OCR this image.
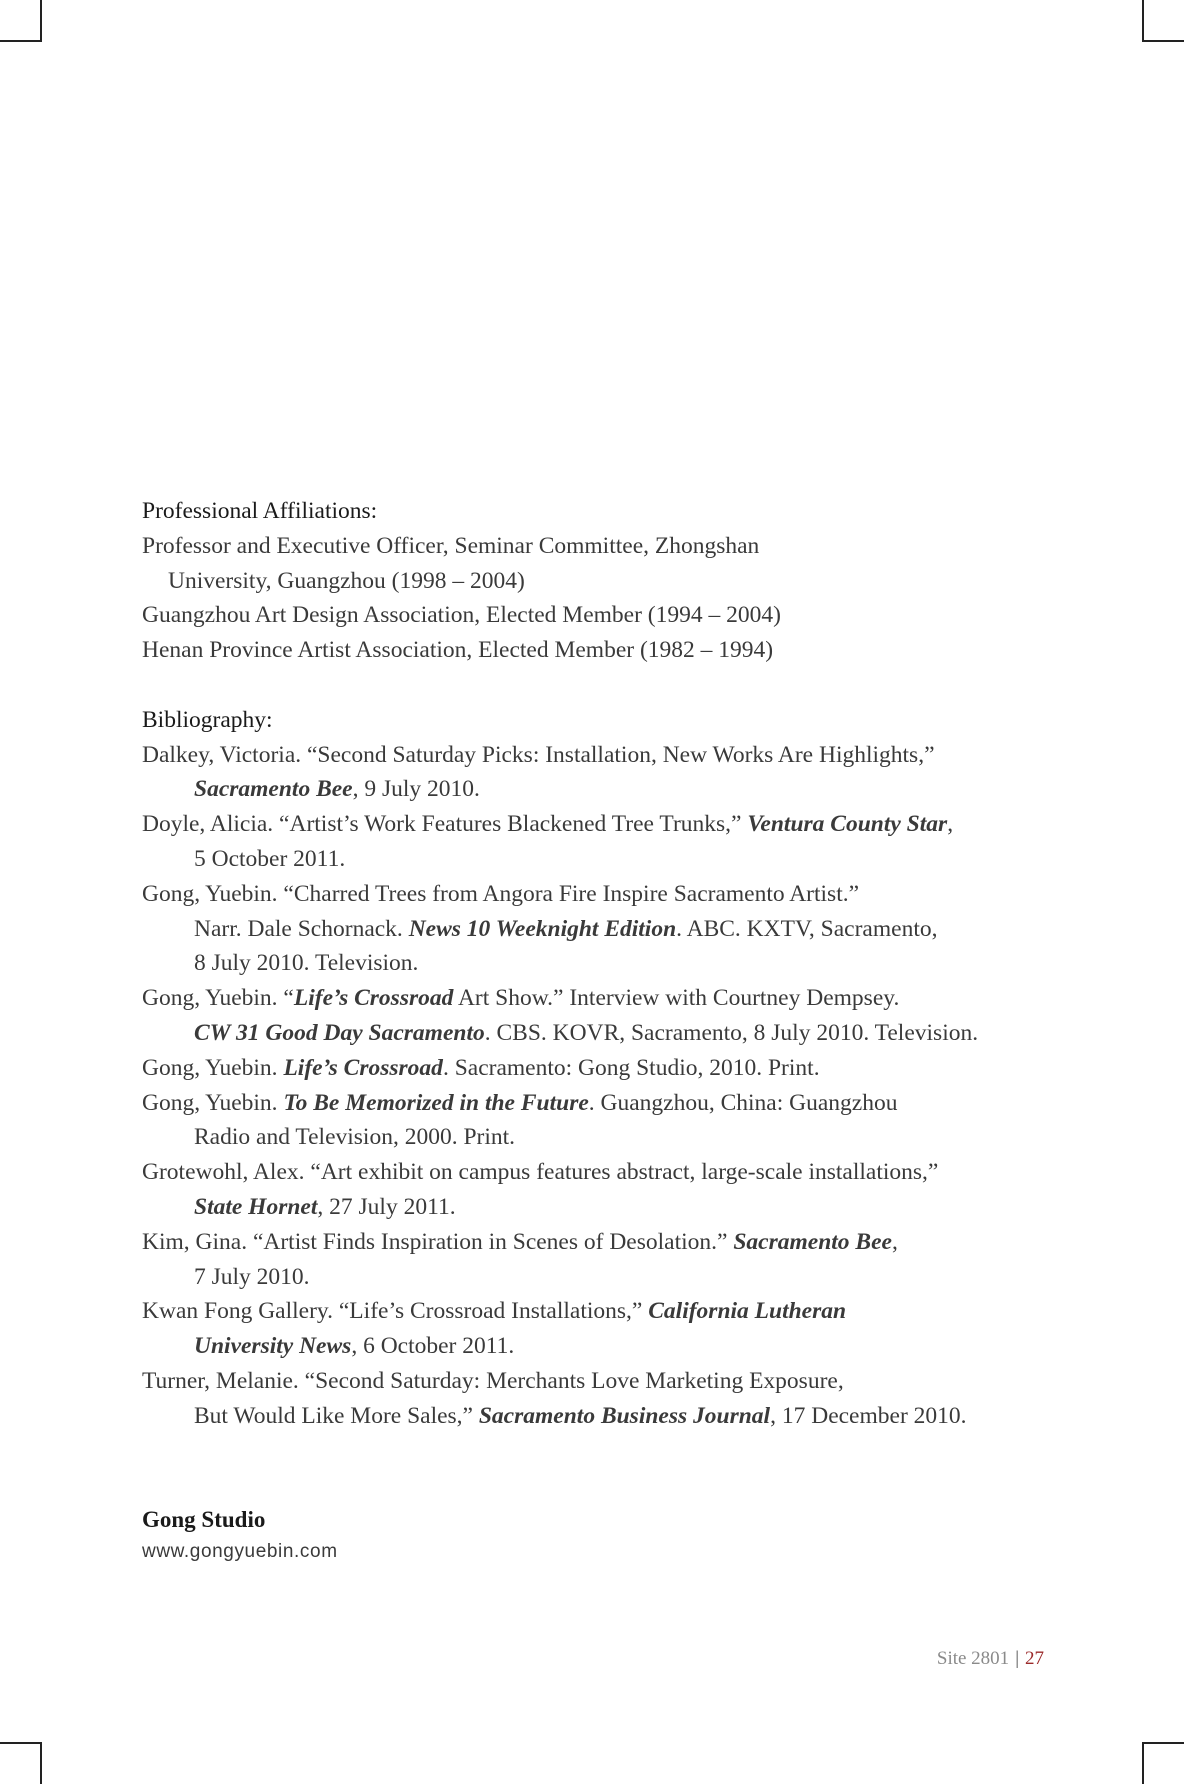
Professional Affiliations:

Professor and Executive Officer, Seminar Committee, Zhongshan

University, Guangzhou (1998 – 2004)

Guangzhou Art Design Association, Elected Member (1994 – 2004)

Henan Province Artist Association, Elected Member (1982 – 1994)

Bibliography:

Dalkey, Victoria. “Second Saturday Picks: Installation, New Works Are Highlights,”

Sacramento Bee, 9 July 2010.

Doyle, Alicia. “Artist’s Work Features Blackened Tree Trunks,” Ventura County Star,

5 October 2011.

Gong, Yuebin. “Charred Trees from Angora Fire Inspire Sacramento Artist.”

Narr. Dale Schornack. News 10 Weeknight Edition. ABC. KXTV, Sacramento,

8 July 2010. Television.

Gong, Yuebin. “Life’s Crossroad Art Show.” Interview with Courtney Dempsey.

CW 31 Good Day Sacramento. CBS. KOVR, Sacramento, 8 July 2010. Television.

Gong, Yuebin. Life’s Crossroad. Sacramento: Gong Studio, 2010. Print.

Gong, Yuebin. To Be Memorized in the Future. Guangzhou, China: Guangzhou

Radio and Television, 2000. Print.

Grotewohl, Alex. “Art exhibit on campus features abstract, large-scale installations,”

State Hornet, 27 July 2011.

Kim, Gina. “Artist Finds Inspiration in Scenes of Desolation.” Sacramento Bee,

7 July 2010.

Kwan Fong Gallery. “Life’s Crossroad Installations,” California Lutheran

University News, 6 October 2011.

Turner, Melanie. “Second Saturday: Merchants Love Marketing Exposure,

But Would Like More Sales,” Sacramento Business Journal, 17 December 2010.

Gong Studio

www.gongyuebin.com

Site 2801 | 27
